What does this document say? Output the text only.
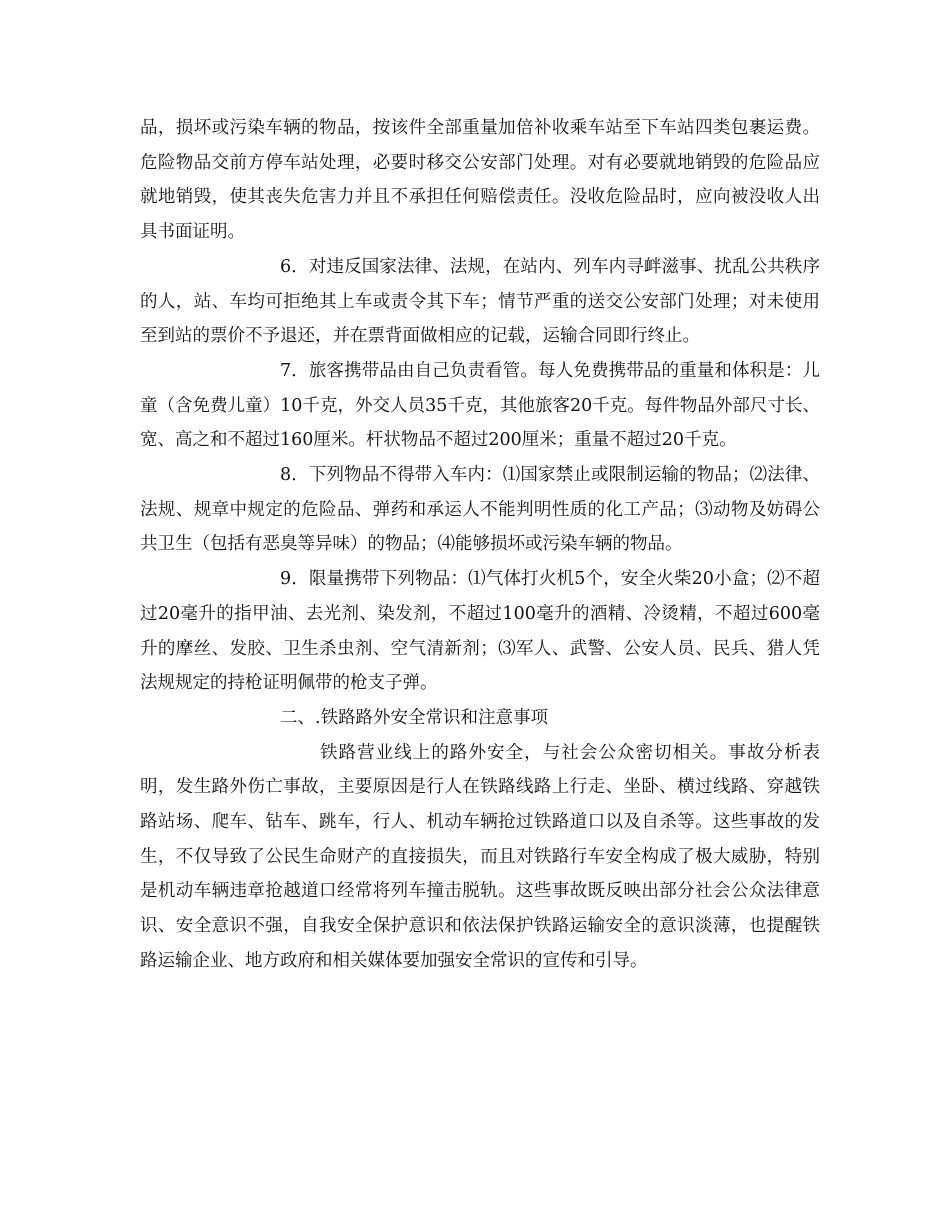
品，损坏或污染车辆的物品，按该件全部重量加倍补收乘车站至下车站四类包裹运费。危险物品交前方停车站处理，必要时移交公安部门处理。对有必要就地销毁的危险品应就地销毁，使其丧失危害力并且不承担任何赔偿责任。没收危险品时，应向被没收人出具书面证明。

6．对违反国家法律、法规，在站内、列车内寻衅滋事、扰乱公共秩序的人，站、车均可拒绝其上车或责令其下车；情节严重的送交公安部门处理；对未使用至到站的票价不予退还，并在票背面做相应的记载，运输合同即行终止。

7．旅客携带品由自己负责看管。每人免费携带品的重量和体积是：儿童（含免费儿童）10千克，外交人员35千克，其他旅客20千克。每件物品外部尺寸长、宽、高之和不超过160厘米。杆状物品不超过200厘米；重量不超过20千克。

8．下列物品不得带入车内：⑴国家禁止或限制运输的物品；⑵法律、法规、规章中规定的危险品、弹药和承运人不能判明性质的化工产品；⑶动物及妨碍公共卫生（包括有恶臭等异味）的物品；⑷能够损坏或污染车辆的物品。

9．限量携带下列物品：⑴气体打火机5个，安全火柴20小盒；⑵不超过20毫升的指甲油、去光剂、染发剂，不超过100毫升的酒精、冷烫精，不超过600毫升的摩丝、发胶、卫生杀虫剂、空气清新剂；⑶军人、武警、公安人员、民兵、猎人凭法规规定的持枪证明佩带的枪支子弹。

二、.铁路路外安全常识和注意事项

铁路营业线上的路外安全，与社会公众密切相关。事故分析表明，发生路外伤亡事故，主要原因是行人在铁路线路上行走、坐卧、横过线路、穿越铁路站场、爬车、钻车、跳车，行人、机动车辆抢过铁路道口以及自杀等。这些事故的发生，不仅导致了公民生命财产的直接损失，而且对铁路行车安全构成了极大威胁，特别是机动车辆违章抢越道口经常将列车撞击脱轨。这些事故既反映出部分社会公众法律意识、安全意识不强，自我安全保护意识和依法保护铁路运输安全的意识淡薄，也提醒铁路运输企业、地方政府和相关媒体要加强安全常识的宣传和引导。
